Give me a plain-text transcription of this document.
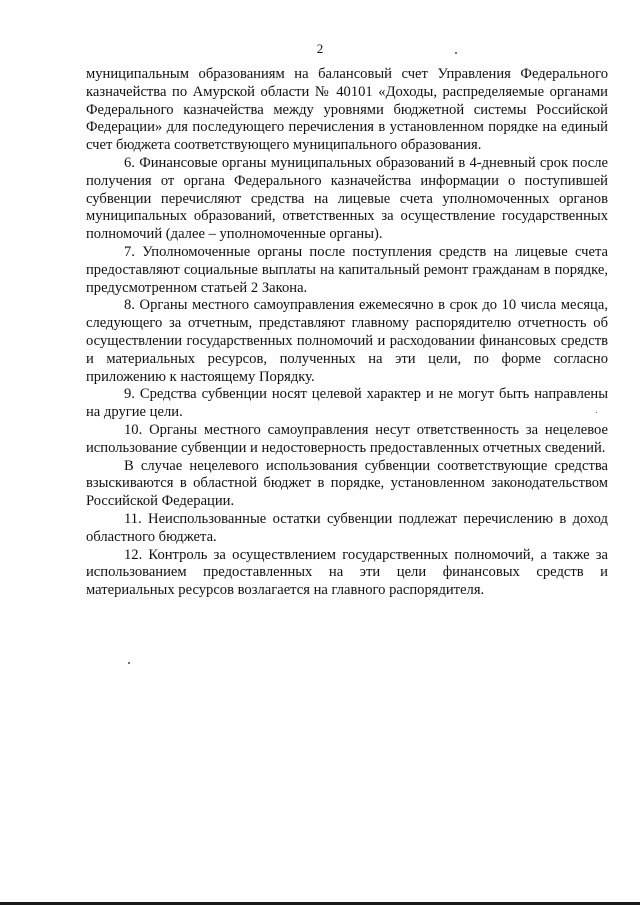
2

муниципальным образованиям на балансовый счет Управления Федерального казначейства по Амурской области № 40101 «Доходы, распределяемые органами Федерального казначейства между уровнями бюджетной системы Российской Федерации» для последующего перечисления в установленном порядке на единый счет бюджета соответствующего муниципального образования.

6. Финансовые органы муниципальных образований в 4-дневный срок после получения от органа Федерального казначейства информации о поступившей субвенции перечисляют средства на лицевые счета уполномоченных органов муниципальных образований, ответственных за осуществление государственных полномочий (далее – уполномоченные органы).

7. Уполномоченные органы после поступления средств на лицевые счета предоставляют социальные выплаты на капитальный ремонт гражданам в порядке, предусмотренном статьей 2 Закона.

8. Органы местного самоуправления ежемесячно в срок до 10 числа месяца, следующего за отчетным, представляют главному распорядителю отчетность об осуществлении государственных полномочий и расходовании финансовых средств и материальных ресурсов, полученных на эти цели, по форме согласно приложению к настоящему Порядку.

9. Средства субвенции носят целевой характер и не могут быть направлены на другие цели.

10. Органы местного самоуправления несут ответственность за нецелевое использование субвенции и недостоверность предоставленных отчетных сведений.

В случае нецелевого использования субвенции соответствующие средства взыскиваются в областной бюджет в порядке, установленном законодательством Российской Федерации.

11. Неиспользованные остатки субвенции подлежат перечислению в доход областного бюджета.

12. Контроль за осуществлением государственных полномочий, а также за использованием предоставленных на эти цели финансовых средств и материальных ресурсов возлагается на главного распорядителя.
